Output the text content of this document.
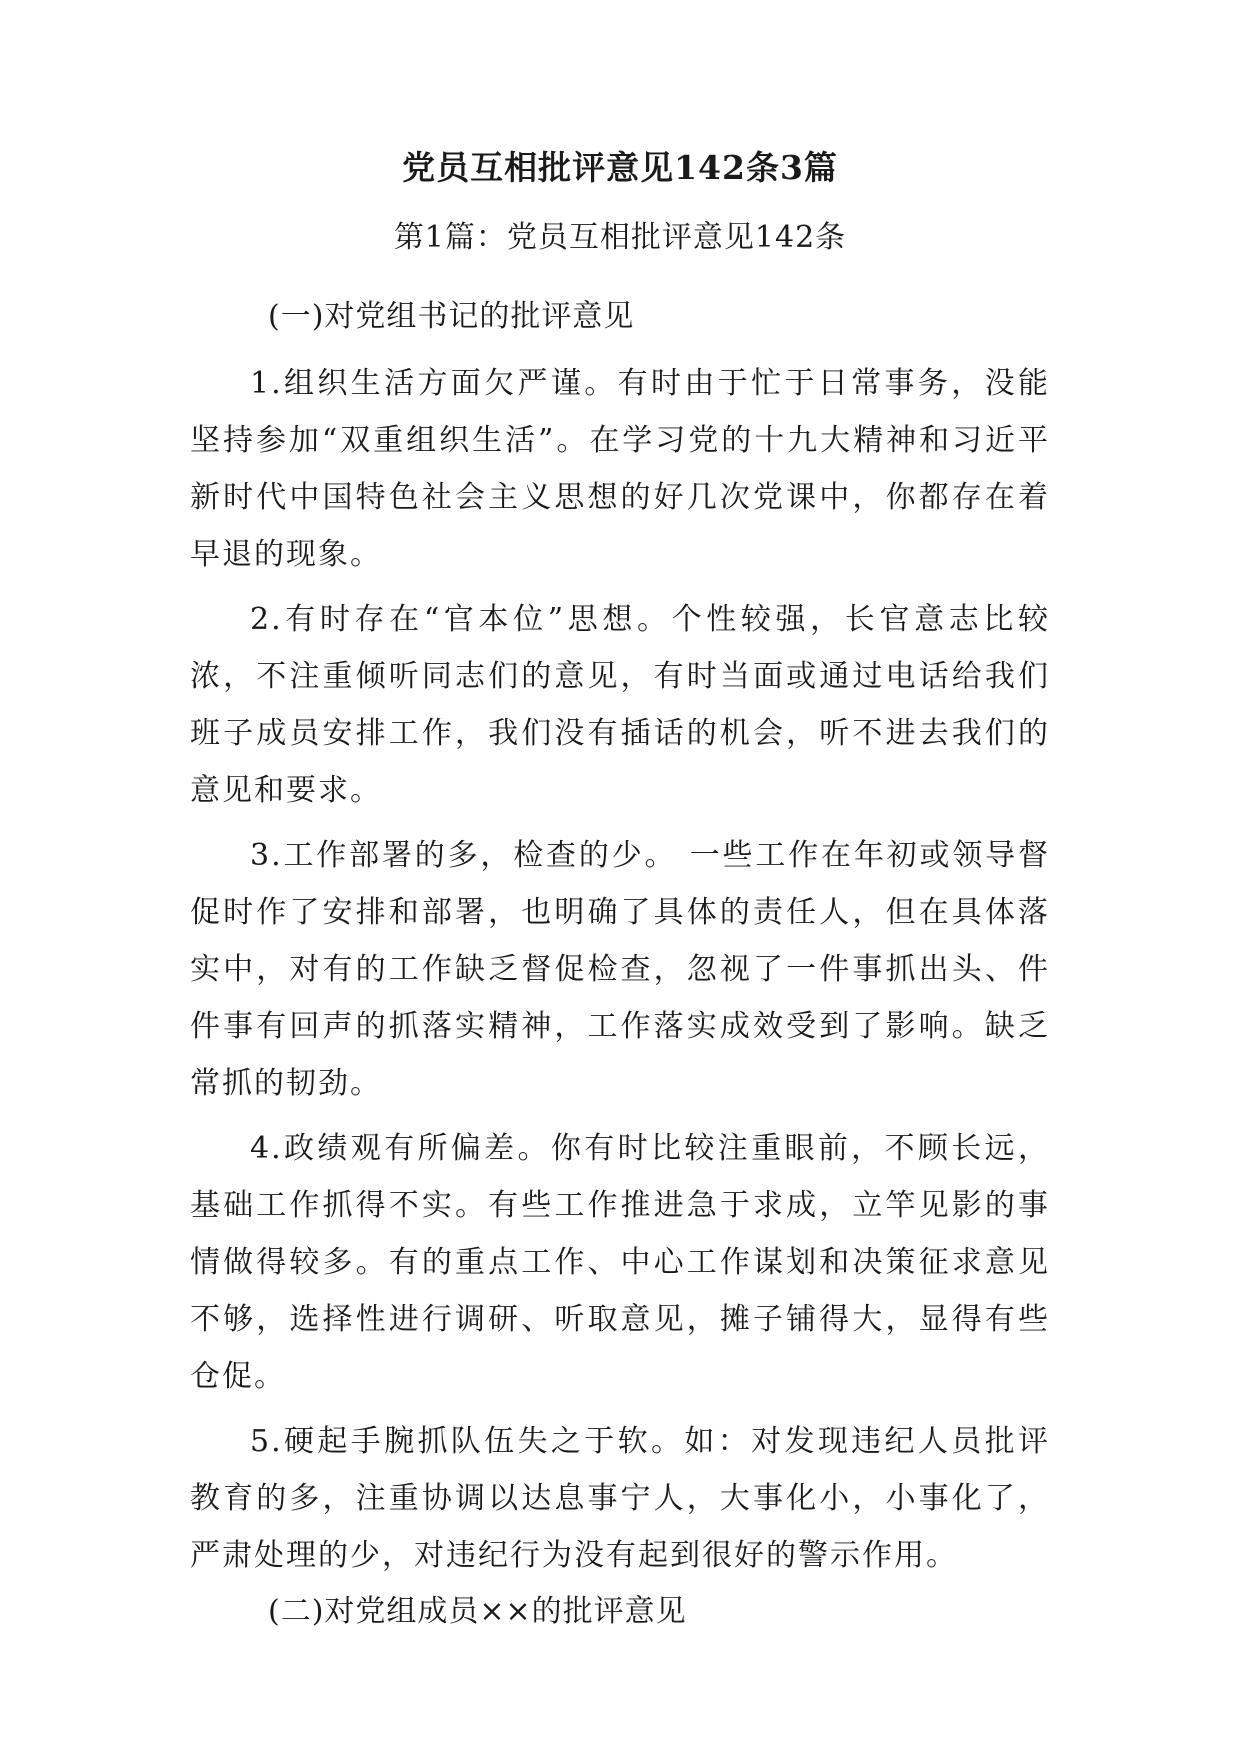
党员互相批评意见142条3篇
第1篇：党员互相批评意见142条
(一)对党组书记的批评意见

1.组织生活方面欠严谨。有时由于忙于日常事务，没能坚持参加“双重组织生活”。在学习党的十九大精神和习近平新时代中国特色社会主义思想的好几次党课中，你都存在着早退的现象。

2.有时存在“官本位”思想。个性较强，长官意志比较浓，不注重倾听同志们的意见，有时当面或通过电话给我们班子成员安排工作，我们没有插话的机会，听不进去我们的意见和要求。

3.工作部署的多，检查的少。 一些工作在年初或领导督促时作了安排和部署，也明确了具体的责任人，但在具体落实中，对有的工作缺乏督促检查，忽视了一件事抓出头、件件事有回声的抓落实精神，工作落实成效受到了影响。缺乏常抓的韧劲。

4.政绩观有所偏差。你有时比较注重眼前，不顾长远，基础工作抓得不实。有些工作推进急于求成，立竿见影的事情做得较多。有的重点工作、中心工作谋划和决策征求意见不够，选择性进行调研、听取意见，摊子铺得大，显得有些仓促。

5.硬起手腕抓队伍失之于软。如：对发现违纪人员批评教育的多，注重协调以达息事宁人，大事化小，小事化了，严肃处理的少，对违纪行为没有起到很好的警示作用。

(二)对党组成员××的批评意见
